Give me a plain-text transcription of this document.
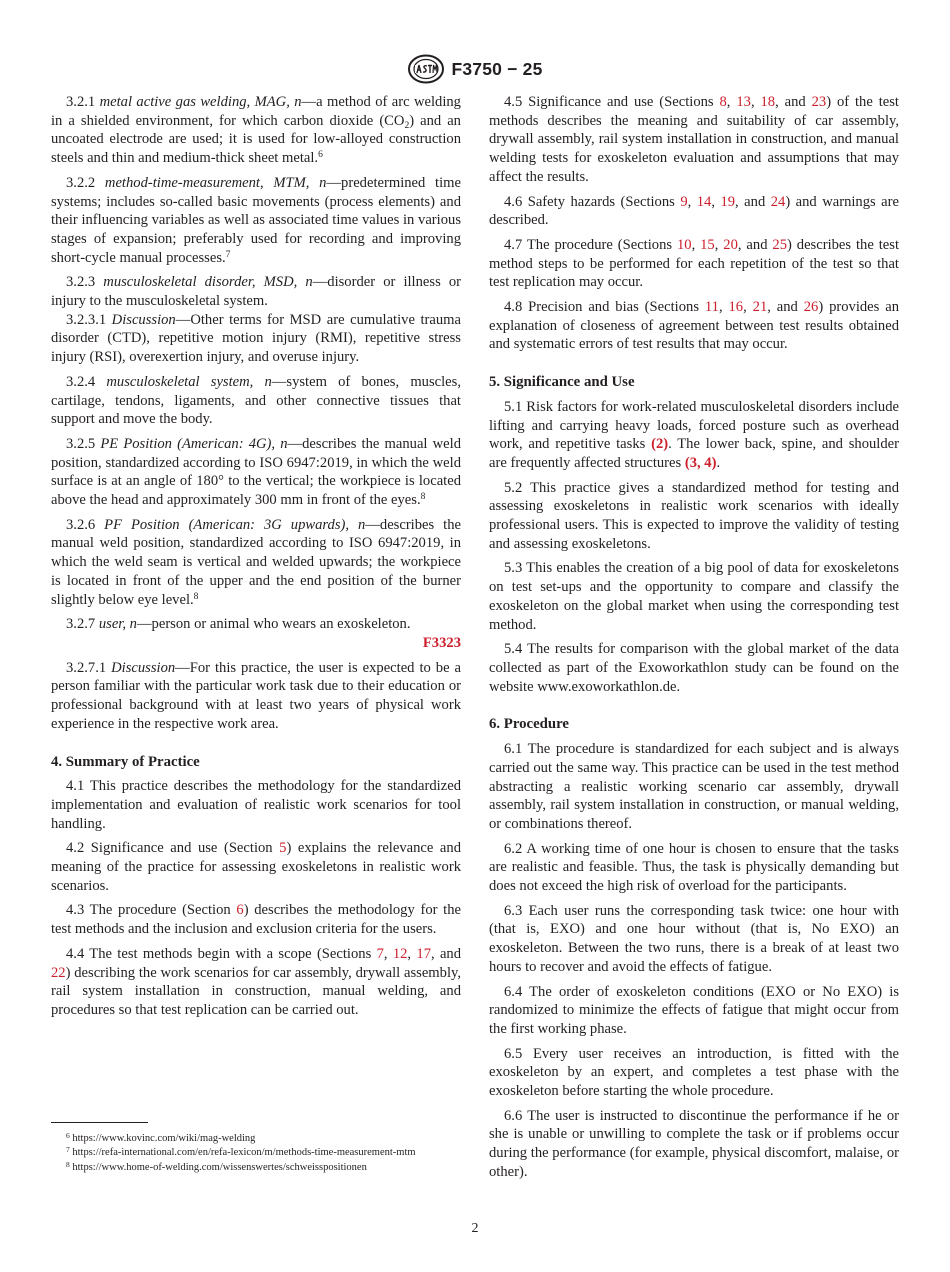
F3750 − 25

3.2.1 metal active gas welding, MAG, n—a method of arc welding in a shielded environment, for which carbon dioxide $(CO_2)$ and an uncoated electrode are used; it is used for low-alloyed construction steels and thin and medium-thick sheet metal.$^6$

3.2.2 method-time-measurement, MTM, n—predetermined time systems; includes so-called basic movements (process elements) and their influencing variables as well as associated time values in various stages of expansion; preferably used for recording and improving short-cycle manual processes.$^7$

3.2.3 musculoskeletal disorder, MSD, n—disorder or illness or injury to the musculoskeletal system.

3.2.3.1 Discussion—Other terms for MSD are cumulative trauma disorder (CTD), repetitive motion injury (RMI), repetitive stress injury (RSI), overexertion injury, and overuse injury.

3.2.4 musculoskeletal system, n—system of bones, muscles, cartilage, tendons, ligaments, and other connective tissues that support and move the body.

3.2.5 PE Position (American: 4G), n—describes the manual weld position, standardized according to ISO 6947:2019, in which the weld surface is at an angle of 180° to the vertical; the workpiece is located above the head and approximately 300 mm in front of the eyes.$^8$

3.2.6 PF Position (American: 3G upwards), n—describes the manual weld position, standardized according to ISO 6947:2019, in which the weld seam is vertical and welded upwards; the workpiece is located in front of the upper and the end position of the burner slightly below eye level.$^8$

3.2.7 user, n—person or animal who wears an exoskeleton.

F3323

3.2.7.1 Discussion—For this practice, the user is expected to be a person familiar with the particular work task due to their education or professional background with at least two years of physical work experience in the respective work area.

4. Summary of Practice

4.1 This practice describes the methodology for the standardized implementation and evaluation of realistic work scenarios for tool handling.

4.2 Significance and use (Section 5) explains the relevance and meaning of the practice for assessing exoskeletons in realistic work scenarios.

4.3 The procedure (Section 6) describes the methodology for the test methods and the inclusion and exclusion criteria for the users.

4.4 The test methods begin with a scope (Sections 7, 12, 17, and 22) describing the work scenarios for car assembly, drywall assembly, rail system installation in construction, manual welding, and procedures so that test replication can be carried out.

4.5 Significance and use (Sections 8, 13, 18, and 23) of the test methods describes the meaning and suitability of car assembly, drywall assembly, rail system installation in construction, and manual welding tests for exoskeleton evaluation and assumptions that may affect the results.

4.6 Safety hazards (Sections 9, 14, 19, and 24) and warnings are described.

4.7 The procedure (Sections 10, 15, 20, and 25) describes the test method steps to be performed for each repetition of the test so that test replication may occur.

4.8 Precision and bias (Sections 11, 16, 21, and 26) provides an explanation of closeness of agreement between test results obtained and systematic errors of test results that may occur.

5. Significance and Use

5.1 Risk factors for work-related musculoskeletal disorders include lifting and carrying heavy loads, forced posture such as overhead work, and repetitive tasks (2). The lower back, spine, and shoulder are frequently affected structures (3, 4).

5.2 This practice gives a standardized method for testing and assessing exoskeletons in realistic work scenarios with ideally professional users. This is expected to improve the validity of testing and assessing exoskeletons.

5.3 This enables the creation of a big pool of data for exoskeletons on test set-ups and the opportunity to compare and classify the exoskeleton on the global market when using the corresponding test method.

5.4 The results for comparison with the global market of the data collected as part of the Exoworkathlon study can be found on the website www.exoworkathlon.de.

6. Procedure

6.1 The procedure is standardized for each subject and is always carried out the same way. This practice can be used in the test method abstracting a realistic working scenario car assembly, drywall assembly, rail system installation in construction, or manual welding, or combinations thereof.

6.2 A working time of one hour is chosen to ensure that the tasks are realistic and feasible. Thus, the task is physically demanding but does not exceed the high risk of overload for the participants.

6.3 Each user runs the corresponding task twice: one hour with (that is, EXO) and one hour without (that is, No EXO) an exoskeleton. Between the two runs, there is a break of at least two hours to recover and avoid the effects of fatigue.

6.4 The order of exoskeleton conditions (EXO or No EXO) is randomized to minimize the effects of fatigue that might occur from the first working phase.

6.5 Every user receives an introduction, is fitted with the exoskeleton by an expert, and completes a test phase with the exoskeleton before starting the whole procedure.

6.6 The user is instructed to discontinue the performance if he or she is unable or unwilling to complete the task or if problems occur during the performance (for example, physical discomfort, malaise, or other).

$^6$ https://www.kovinc.com/wiki/mag-welding
$^7$ https://refa-international.com/en/refa-lexicon/m/methods-time-measurement-mtm
$^8$ https://www.home-of-welding.com/wissenswertes/schweisspositionen
2
